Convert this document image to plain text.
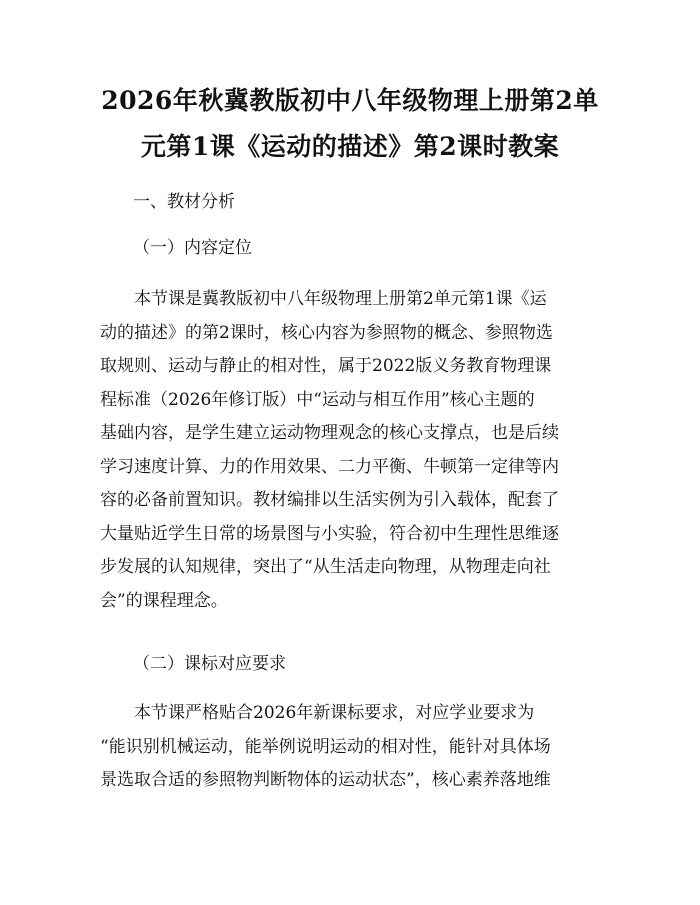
2026年秋冀教版初中八年级物理上册第2单
元第1课《运动的描述》第2课时教案

一、教材分析

（一）内容定位

　　本节课是冀教版初中八年级物理上册第2单元第1课《运
动的描述》的第2课时，核心内容为参照物的概念、参照物选
取规则、运动与静止的相对性，属于2022版义务教育物理课
程标准（2026年修订版）中“运动与相互作用”核心主题的
基础内容，是学生建立运动物理观念的核心支撑点，也是后续
学习速度计算、力的作用效果、二力平衡、牛顿第一定律等内
容的必备前置知识。教材编排以生活实例为引入载体，配套了
大量贴近学生日常的场景图与小实验，符合初中生理性思维逐
步发展的认知规律，突出了“从生活走向物理，从物理走向社
会”的课程理念。

（二）课标对应要求

　　本节课严格贴合2026年新课标要求，对应学业要求为
“能识别机械运动，能举例说明运动的相对性，能针对具体场
景选取合适的参照物判断物体的运动状态”，核心素养落地维
